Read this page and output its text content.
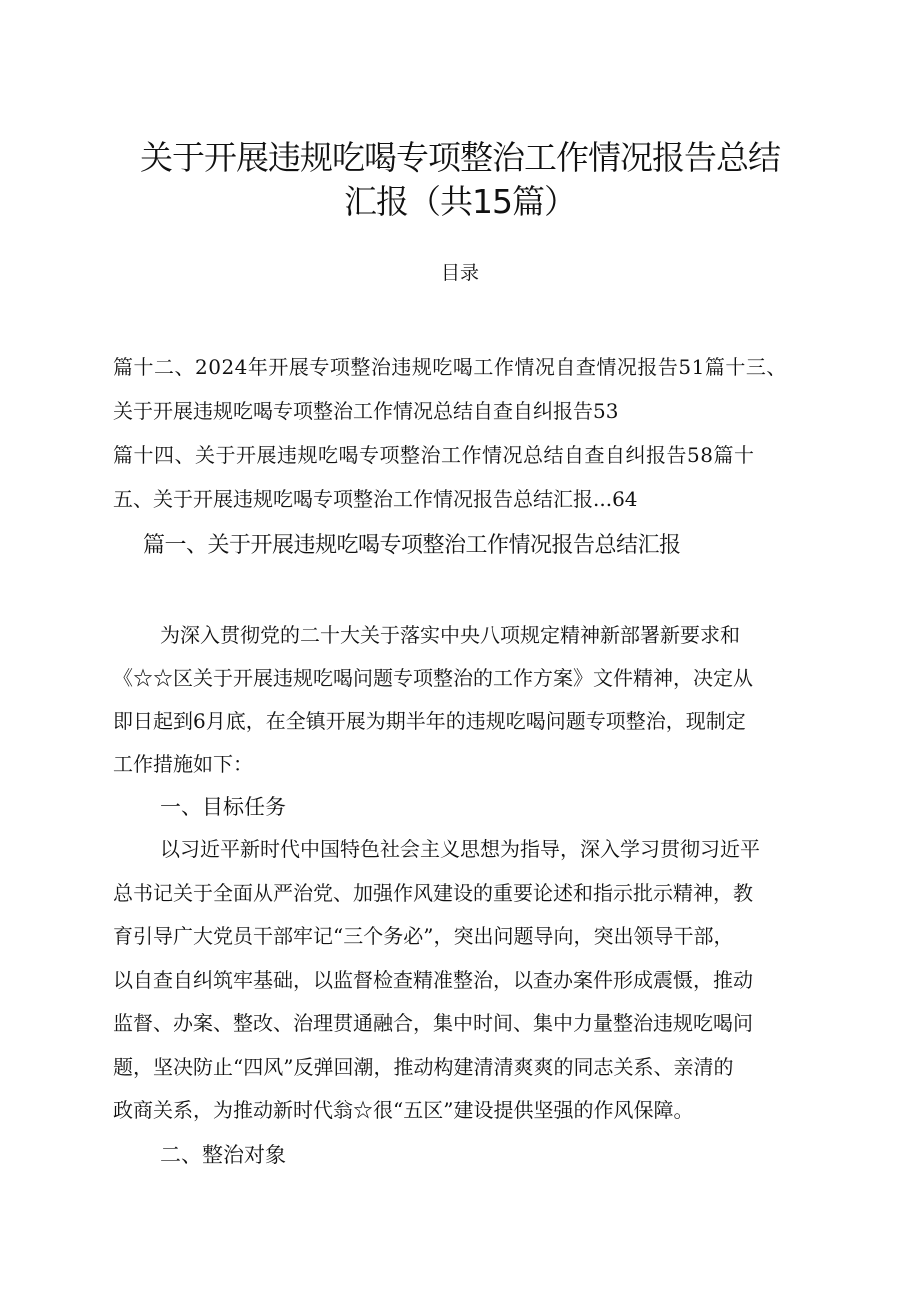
关于开展违规吃喝专项整治工作情况报告总结
汇报（共15篇）
目录
篇十二、2024年开展专项整治违规吃喝工作情况自查情况报告51篇十三、
关于开展违规吃喝专项整治工作情况总结自查自纠报告53
篇十四、关于开展违规吃喝专项整治工作情况总结自查自纠报告58篇十
五、关于开展违规吃喝专项整治工作情况报告总结汇报...64
篇一、关于开展违规吃喝专项整治工作情况报告总结汇报
为深入贯彻党的二十大关于落实中央八项规定精神新部署新要求和
《☆☆区关于开展违规吃喝问题专项整治的工作方案》文件精神，决定从
即日起到6月底，在全镇开展为期半年的违规吃喝问题专项整治，现制定
工作措施如下：
一、目标任务
以习近平新时代中国特色社会主义思想为指导，深入学习贯彻习近平
总书记关于全面从严治党、加强作风建设的重要论述和指示批示精神，教
育引导广大党员干部牢记“三个务必”，突出问题导向，突出领导干部，
以自查自纠筑牢基础，以监督检查精准整治，以查办案件形成震慑，推动
监督、办案、整改、治理贯通融合，集中时间、集中力量整治违规吃喝问
题，坚决防止“四风”反弹回潮，推动构建清清爽爽的同志关系、亲清的
政商关系，为推动新时代翁☆很“五区”建设提供坚强的作风保障。
二、整治对象
